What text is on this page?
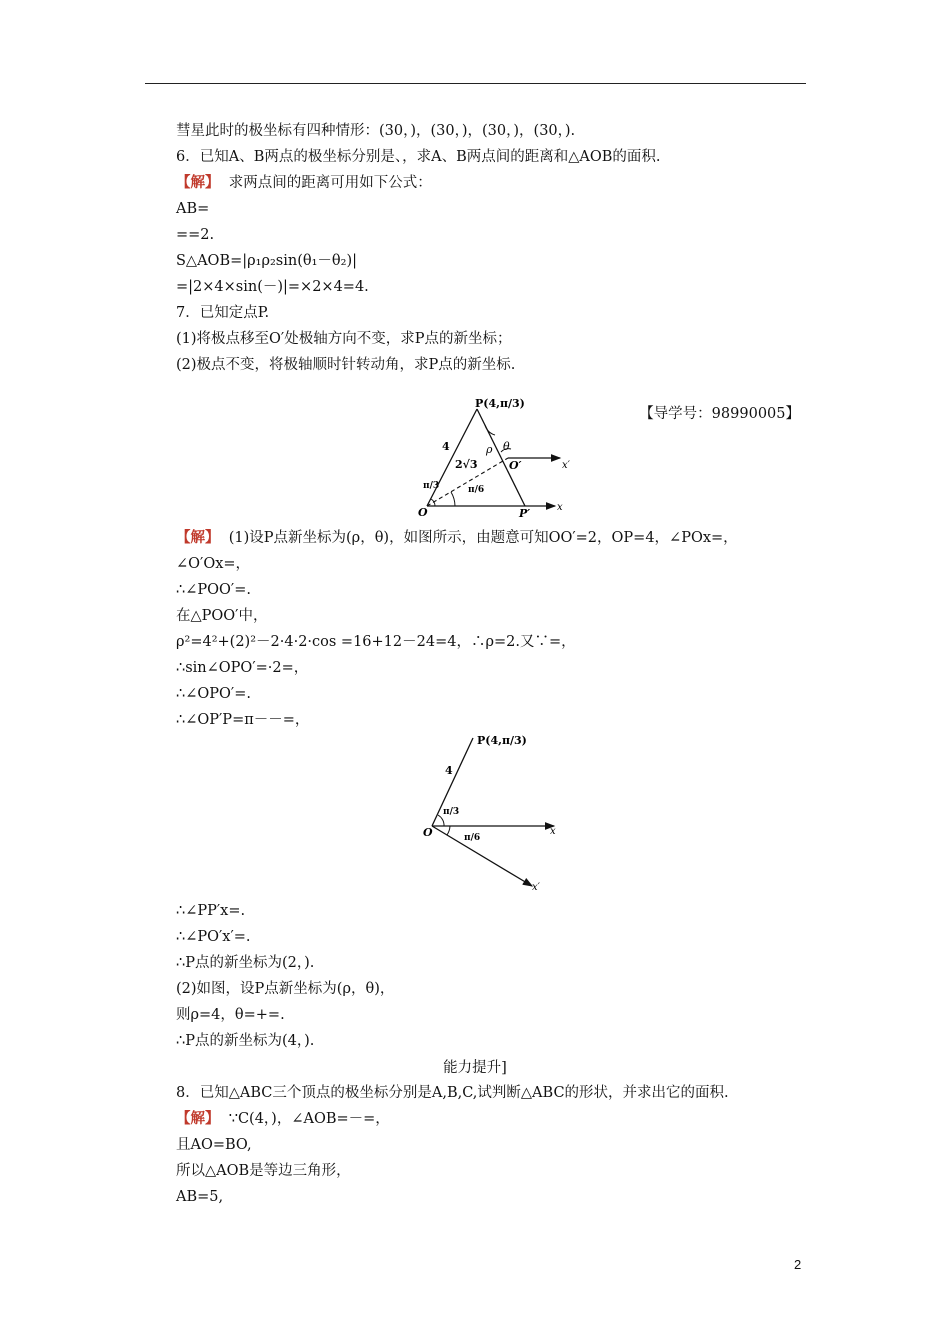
彗星此时的极坐标有四种情形：(30，)，(30，)，(30，)，(30，).
6．已知A、B两点的极坐标分别是、，求A、B两点间的距离和△AOB的面积.
【解】 求两点间的距离可用如下公式：
AB=
==2.
S△AOB=|ρ₁ρ₂sin(θ₁－θ₂)|
=|2×4×sin(－)|=×2×4=4.
7．已知定点P.
(1)将极点移至O′处极轴方向不变，求P点的新坐标；
(2)极点不变，将极轴顺时针转动角，求P点的新坐标.
【导学号：98990005】
P(4,π/3)
O
O′
P′	x
x′
4
2√3
ρ θ
π/3	π/6
【解】 (1)设P点新坐标为(ρ，θ)，如图所示，由题意可知OO′=2，OP=4，∠POx=，
∠O′Ox=，
∴∠POO′=.
在△POO′中，
ρ²=4²+(2)²－2·4·2·cos =16+12－24=4，∴ρ=2.又∵=，
∴sin∠OPO′=·2=，
∴∠OPO′=.
∴∠OP′P=π－－=，
P(4,π/3)
O	x
x′
4
π/3
π/6
∴∠PP′x=.
∴∠PO′x′=.
∴P点的新坐标为(2，).
(2)如图，设P点新坐标为(ρ，θ)，
则ρ=4，θ=+=.
∴P点的新坐标为(4，).
能力提升]
8．已知△ABC三个顶点的极坐标分别是A,B,C,试判断△ABC的形状，并求出它的面积.
【解】 ∵C(4，)，∠AOB=－=，
且AO=BO,
所以△AOB是等边三角形，
AB=5,
2
